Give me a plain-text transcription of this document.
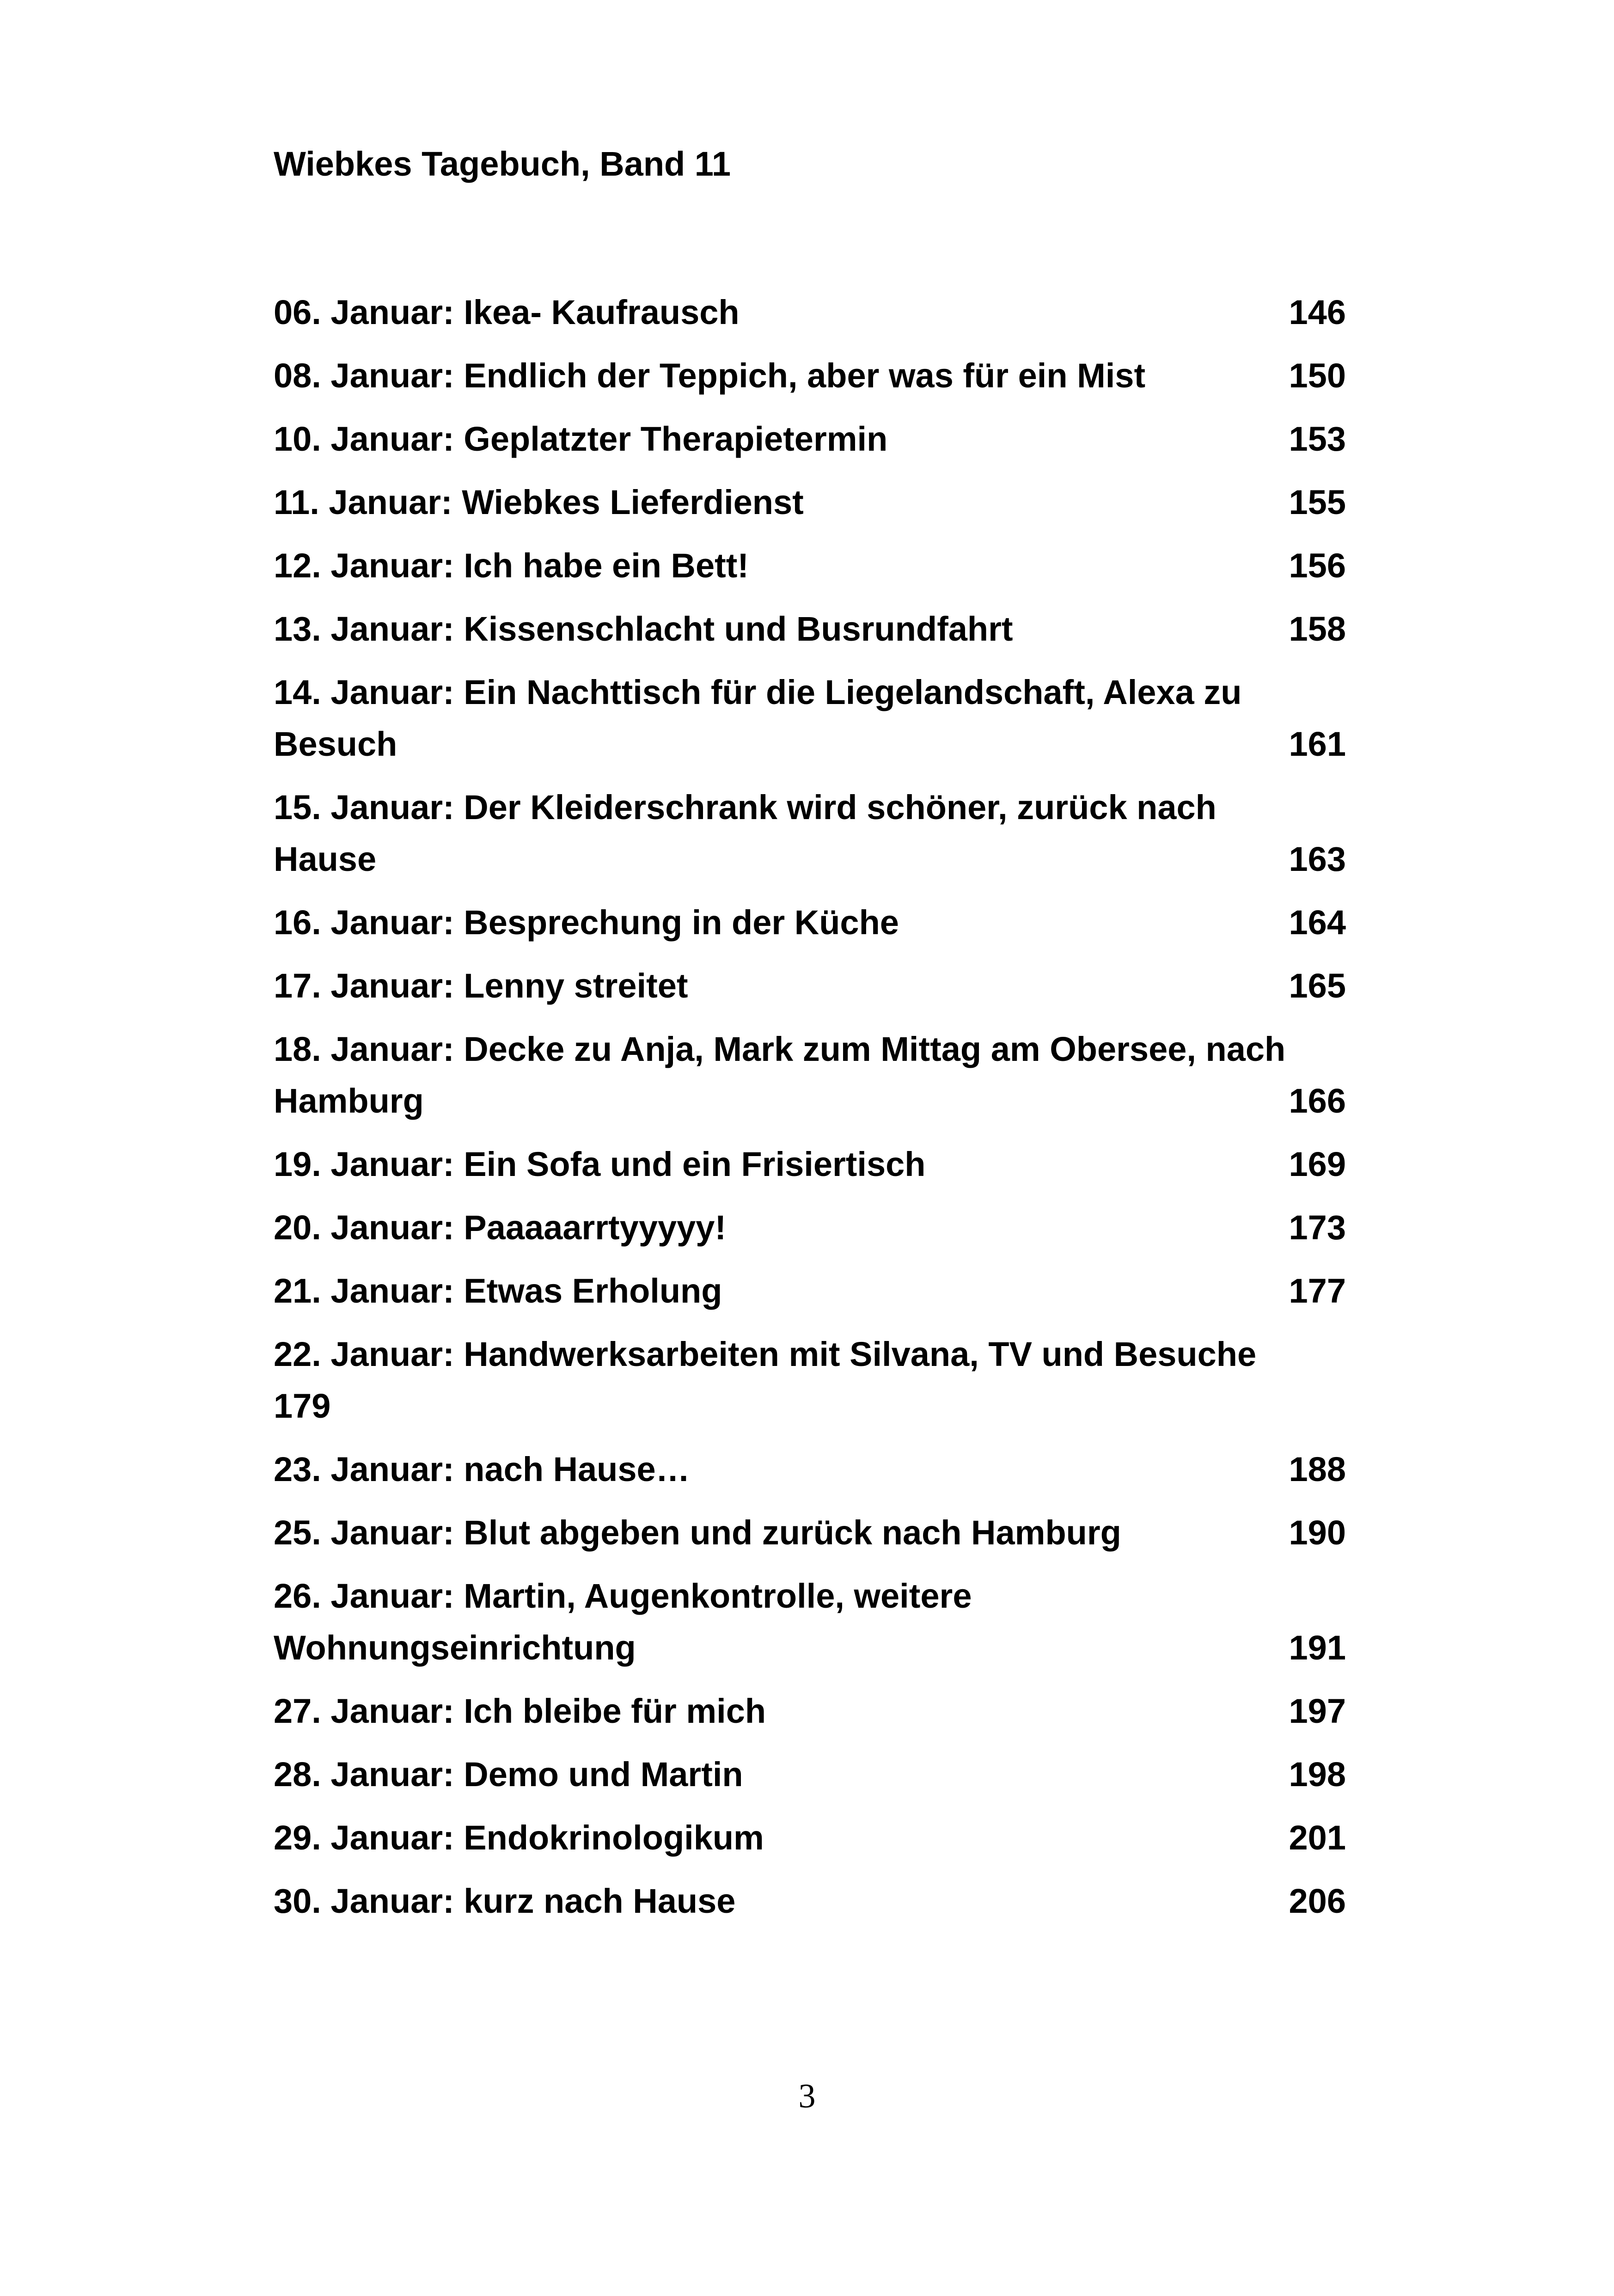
Wiebkes Tagebuch, Band 11
06. Januar: Ikea- Kaufrausch	146
08. Januar: Endlich der Teppich, aber was für ein Mist	150
10. Januar: Geplatzter Therapietermin	153
11. Januar: Wiebkes Lieferdienst	155
12. Januar: Ich habe ein Bett!	156
13. Januar: Kissenschlacht und Busrundfahrt	158
14. Januar: Ein Nachttisch für die Liegelandschaft, Alexa zu Besuch	161
15. Januar: Der Kleiderschrank wird schöner, zurück nach Hause	163
16. Januar: Besprechung in der Küche	164
17. Januar: Lenny streitet	165
18. Januar: Decke zu Anja, Mark zum Mittag am Obersee, nach Hamburg	166
19. Januar: Ein Sofa und ein Frisiertisch	169
20. Januar: Paaaaarrtyyyyy!	173
21. Januar: Etwas Erholung	177
22. Januar: Handwerksarbeiten mit Silvana, TV und Besuche 179
23. Januar: nach Hause…	188
25. Januar: Blut abgeben und zurück nach Hamburg	190
26. Januar: Martin, Augenkontrolle, weitere Wohnungseinrichtung	191
27. Januar: Ich bleibe für mich	197
28. Januar: Demo und Martin	198
29. Januar: Endokrinologikum	201
30. Januar: kurz nach Hause	206
3
